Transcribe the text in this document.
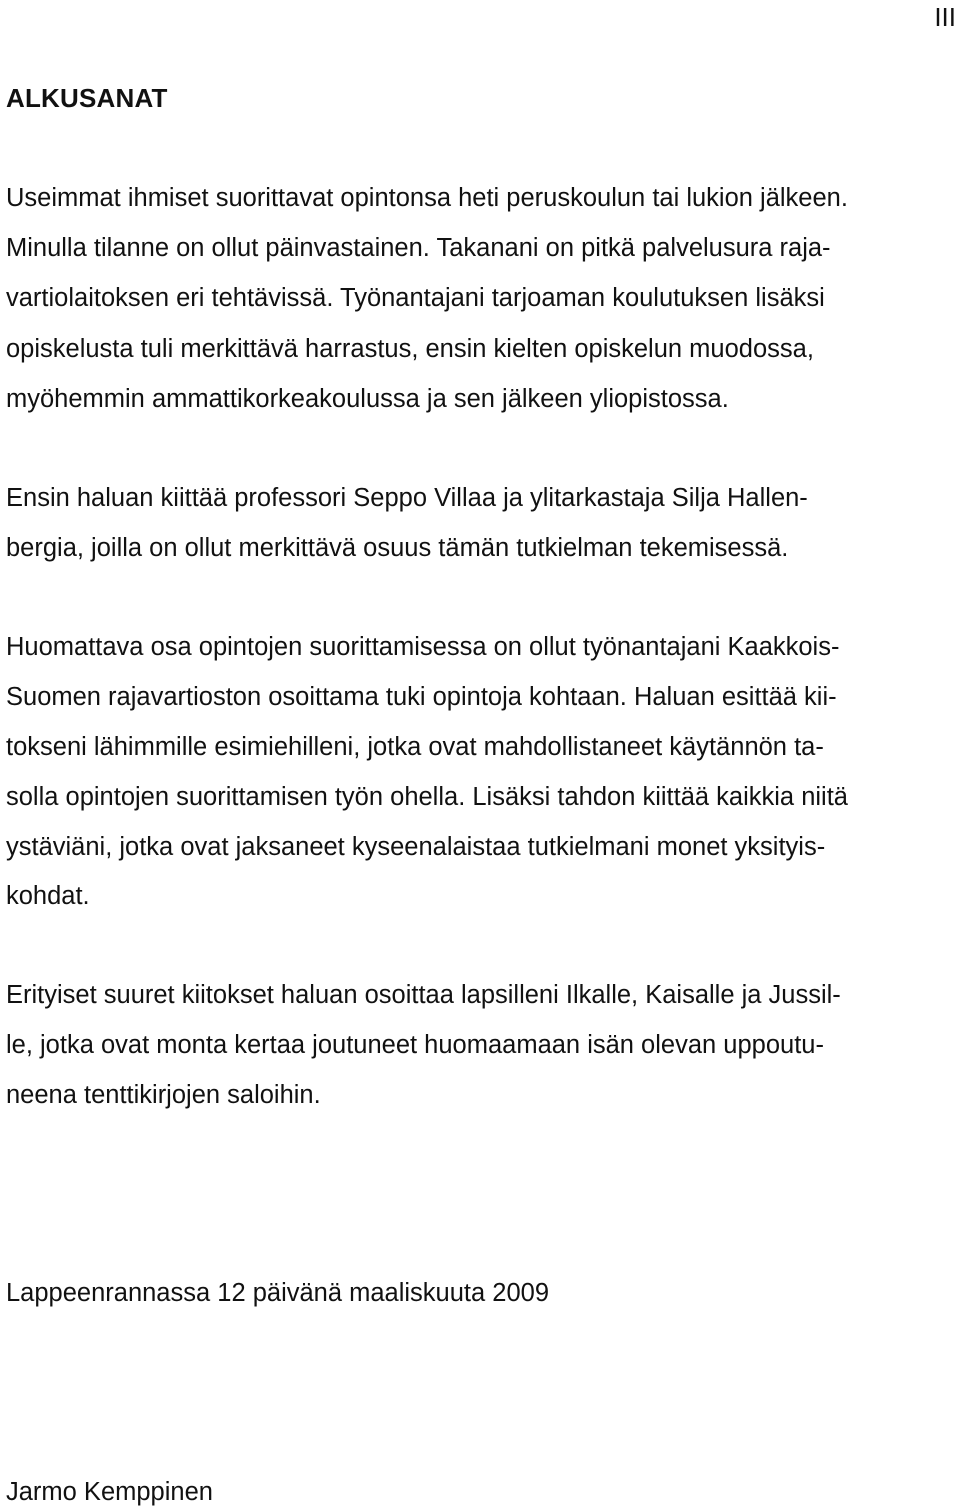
III
ALKUSANAT
Useimmat ihmiset suorittavat opintonsa heti peruskoulun tai lukion jälkeen.
Minulla tilanne on ollut päinvastainen. Takanani on pitkä palvelusura raja-
vartiolaitoksen eri tehtävissä. Työnantajani tarjoaman koulutuksen lisäksi
opiskelusta tuli merkittävä harrastus, ensin kielten opiskelun muodossa,
myöhemmin ammattikorkeakoulussa ja sen jälkeen yliopistossa.
Ensin haluan kiittää professori Seppo Villaa ja ylitarkastaja Silja Hallen-
bergia, joilla on ollut merkittävä osuus tämän tutkielman tekemisessä.
Huomattava osa opintojen suorittamisessa on ollut työnantajani Kaakkois-
Suomen rajavartioston osoittama tuki opintoja kohtaan. Haluan esittää kii-
tokseni lähimmille esimiehilleni, jotka ovat mahdollistaneet käytännön ta-
solla opintojen suorittamisen työn ohella. Lisäksi tahdon kiittää kaikkia niitä
ystäviäni, jotka ovat jaksaneet kyseenalaistaa tutkielmani monet yksityis-
kohdat.
Erityiset suuret kiitokset haluan osoittaa lapsilleni Ilkalle, Kaisalle ja Jussil-
le, jotka ovat monta kertaa joutuneet huomaamaan isän olevan uppoutu-
neena tenttikirjojen saloihin.
Lappeenrannassa 12 päivänä maaliskuuta 2009
Jarmo Kemppinen
